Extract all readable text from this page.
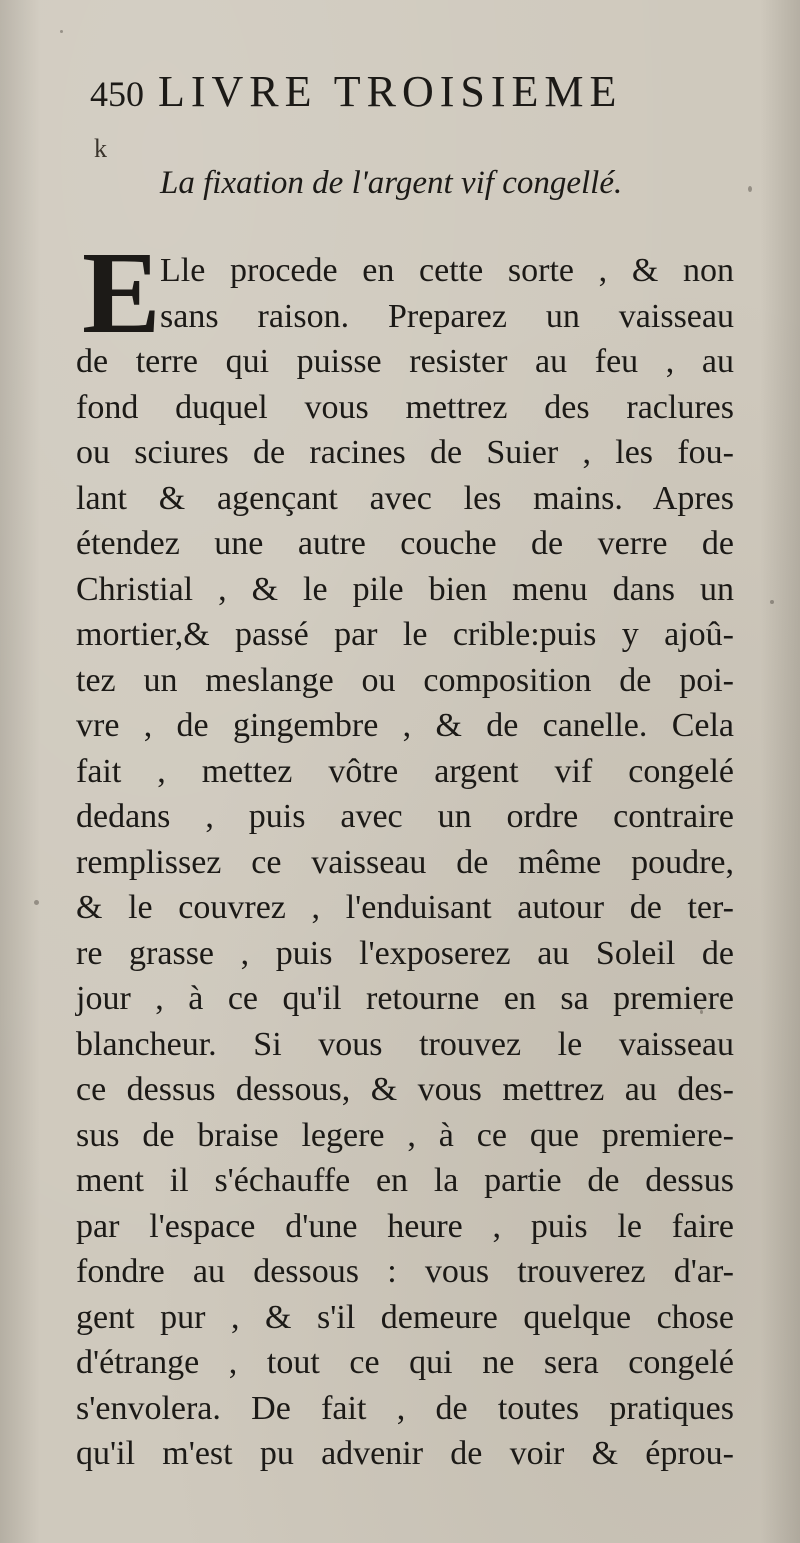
450 LIVRE TROISIEME
k
La fixation de l'argent vif congellé.
E Lle procede en cette sorte , & non
sans raison. Preparez un vaisseau
de terre qui puisse resister au feu , au
fond duquel vous mettrez des raclures
ou sciures de racines de Suier , les fou-
lant & agençant avec les mains. Apres
étendez une autre couche de verre de
Christial , & le pile bien menu dans un
mortier,& passé par le crible:puis y ajoû-
tez un meslange ou composition de poi-
vre , de gingembre , & de canelle. Cela
fait , mettez vôtre argent vif congelé
dedans , puis avec un ordre contraire
remplissez ce vaisseau de même poudre,
& le couvrez , l'enduisant autour de ter-
re grasse , puis l'exposerez au Soleil de
jour , à ce qu'il retourne en sa premiere
blancheur. Si vous trouvez le vaisseau
ce dessus dessous, & vous mettrez au des-
sus de braise legere , à ce que premiere-
ment il s'échauffe en la partie de dessus
par l'espace d'une heure , puis le faire
fondre au dessous : vous trouverez d'ar-
gent pur , & s'il demeure quelque chose
d'étrange , tout ce qui ne sera congelé
s'envolera. De fait , de toutes pratiques
qu'il m'est pu advenir de voir & éprou-
